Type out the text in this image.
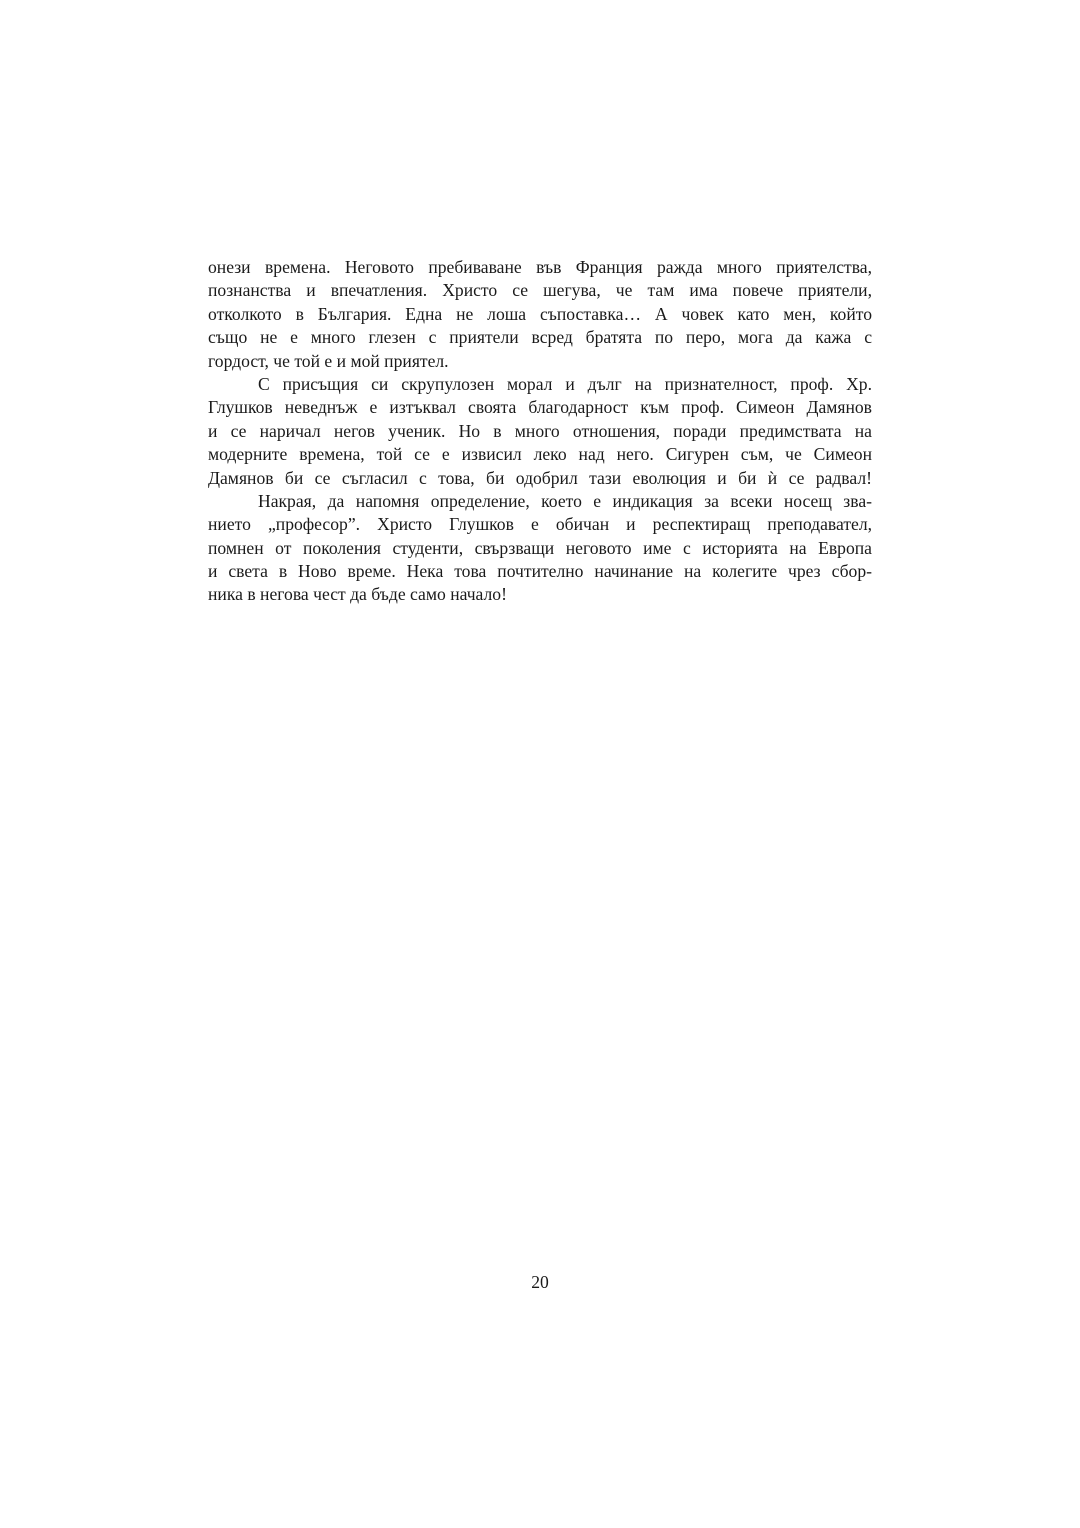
онези времена. Неговото пребиваване във Франция ражда много приятелства,
познанства и впечатления. Христо се шегува, че там има повече приятели,
отколкото в България. Една не лоша съпоставка… А човек като мен, който
също не е много глезен с приятели всред братята по перо, мога да кажа с
гордост, че той е и мой приятел.
С присъщия си скрупулозен морал и дълг на признателност, проф. Хр.
Глушков неведнъж е изтъквал своята благодарност към проф. Симеон Дамянов
и се наричал негов ученик. Но в много отношения, поради предимствата на
модерните времена, той се е извисил леко над него. Сигурен съм, че Симеон
Дамянов би се съгласил с това, би одобрил тази еволюция и би ѝ се радвал!
Накрая, да напомня определение, което е индикация за всеки носещ зва-
нието „професор”. Христо Глушков е обичан и респектиращ преподавател,
помнен от поколения студенти, свързващи неговото име с историята на Европа
и света в Ново време. Нека това почтително начинание на колегите чрез сбор-
ника в негова чест да бъде само начало!
20
